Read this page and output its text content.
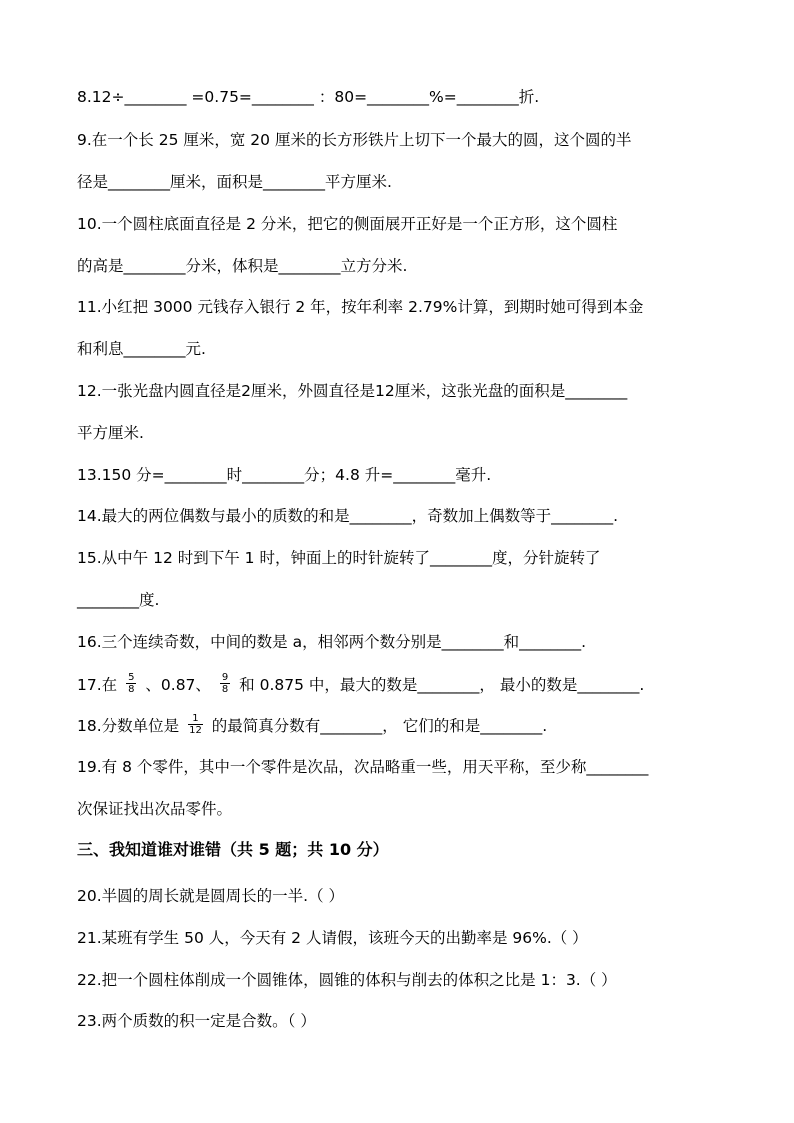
8.12÷________ =0.75=________ ：80=________%=________折.
9.在一个长 25 厘米，宽 20 厘米的长方形铁片上切下一个最大的圆，这个圆的半
径是________厘米，面积是________平方厘米.
10.一个圆柱底面直径是 2 分米，把它的侧面展开正好是一个正方形，这个圆柱
的高是________分米，体积是________立方分米.
11.小红把 3000 元钱存入银行 2 年，按年利率 2.79%计算，到期时她可得到本金
和利息________元.
12.一张光盘内圆直径是2厘米，外圆直径是12厘米，这张光盘的面积是________
平方厘米.
13.150 分=________时________分；4.8 升=________毫升.
14.最大的两位偶数与最小的质数的和是________，奇数加上偶数等于________.
15.从中午 12 时到下午 1 时，钟面上的时针旋转了________度，分针旋转了
________度.
16.三个连续奇数，中间的数是 a，相邻两个数分别是________和________.
17.在 $\frac{5}{8}$ 、0.87、 $\frac{9}{8}$ 和 0.875 中，最大的数是________， 最小的数是________.
18.分数单位是 $\frac{1}{12}$ 的最简真分数有________， 它们的和是________.
19.有 8 个零件，其中一个零件是次品，次品略重一些，用天平称，至少称________
次保证找出次品零件。
三、我知道谁对谁错（共 5 题；共 10 分）
20.半圆的周长就是圆周长的一半.（ ）
21.某班有学生 50 人，今天有 2 人请假，该班今天的出勤率是 96%.（ ）
22.把一个圆柱体削成一个圆锥体，圆锥的体积与削去的体积之比是 1：3.（ ）
23.两个质数的积一定是合数。（ ）
